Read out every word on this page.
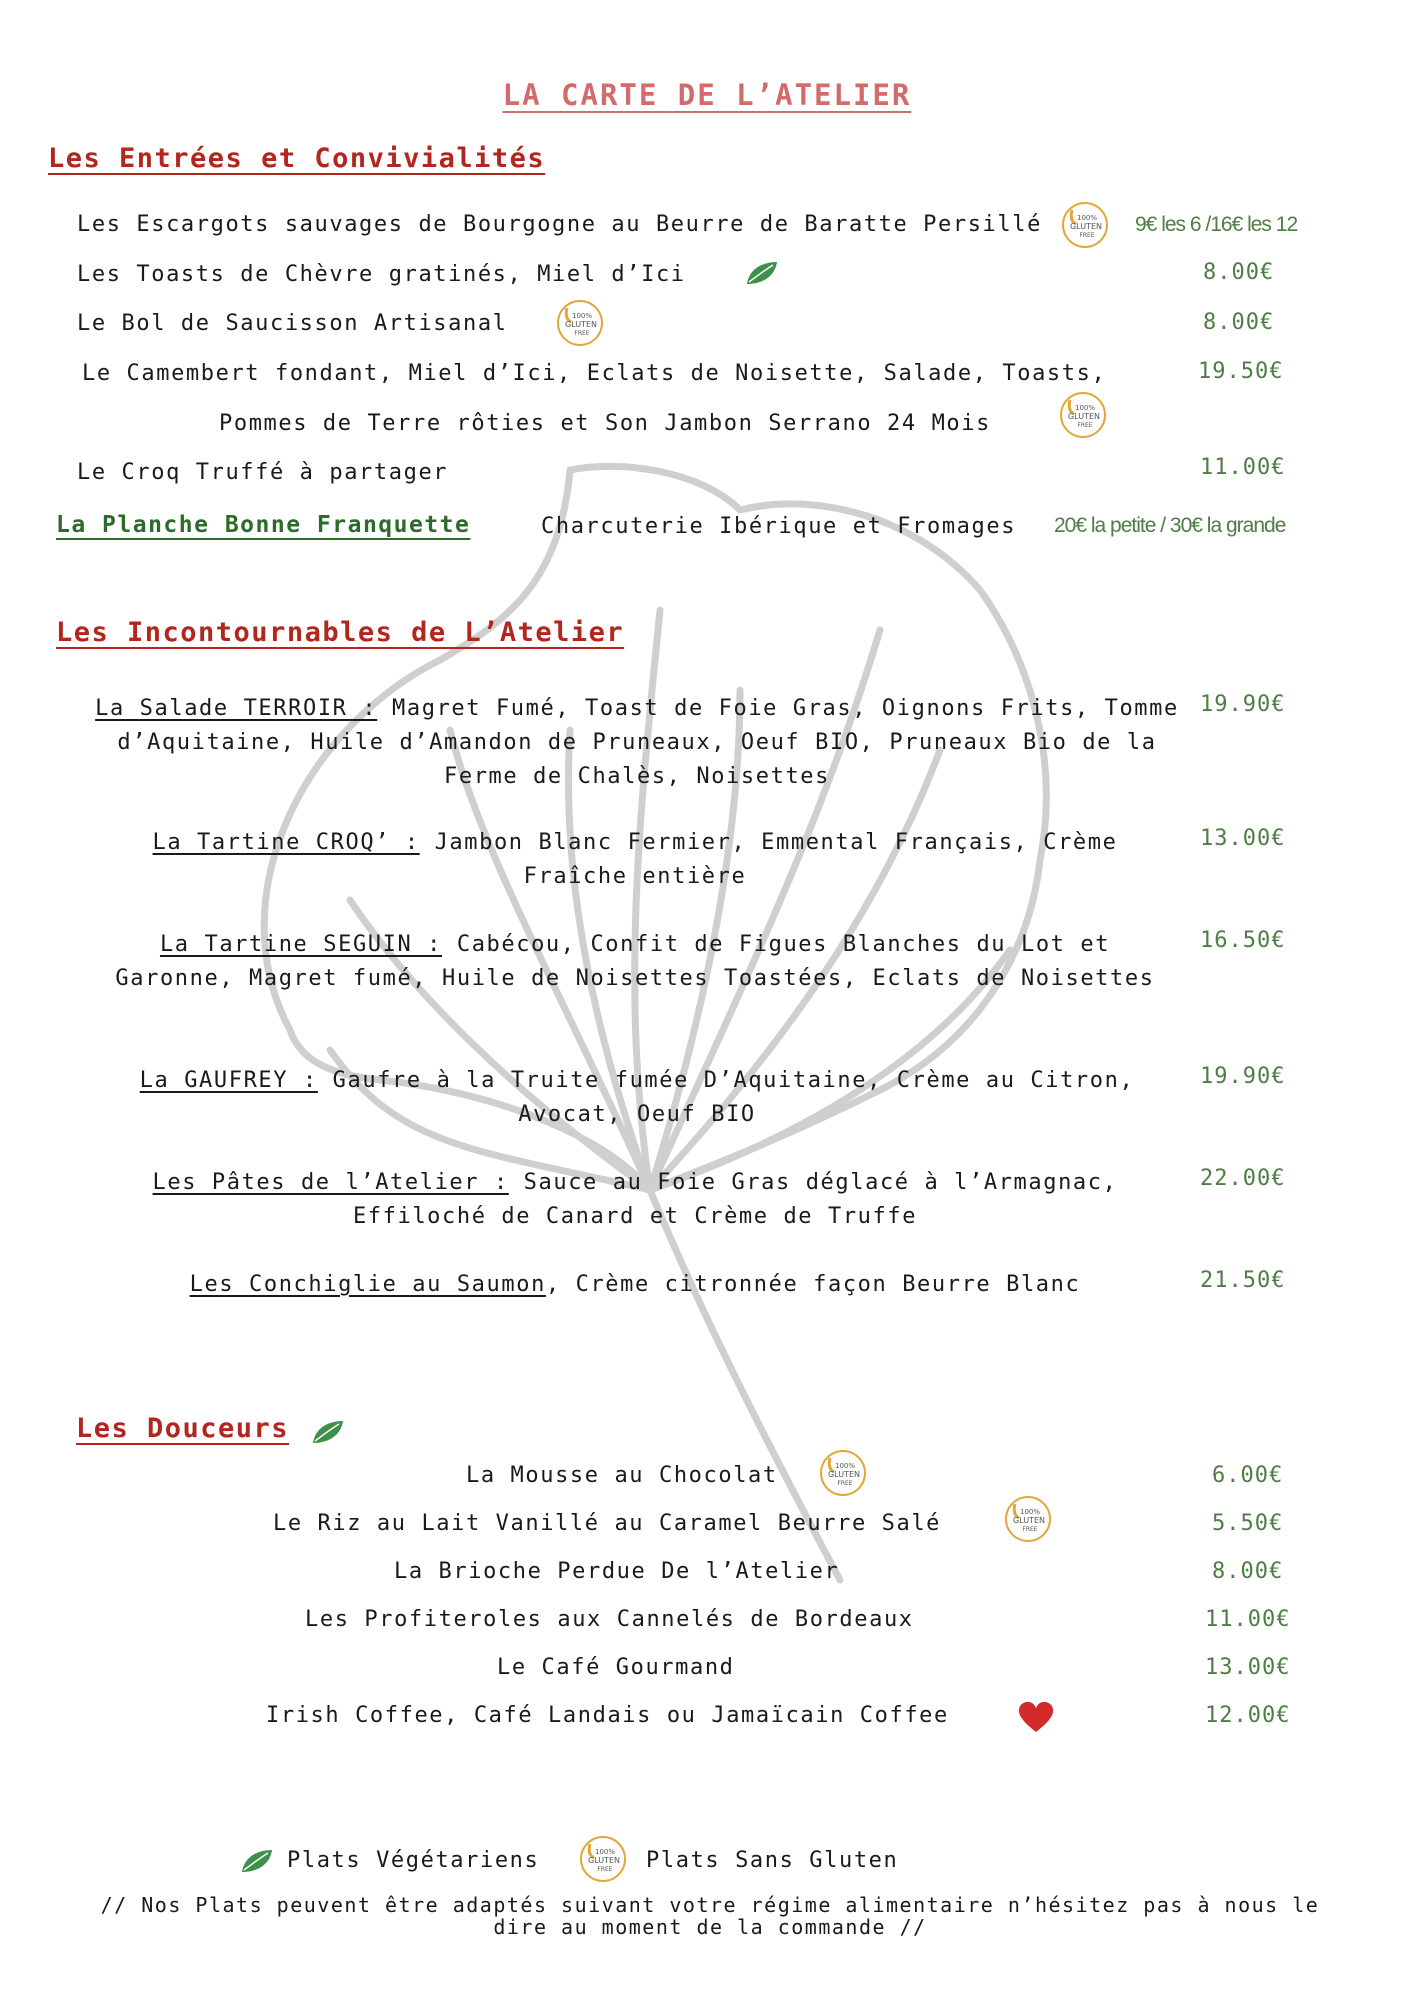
LA CARTE DE L’ATELIER
Les Entrées et Convivialités
Les Escargots sauvages de Bourgogne au Beurre de Baratte Persillé	100%
GLUTEN
FREE 9€ les 6 /16€ les 12
Les Toasts de Chèvre gratinés, Miel d’Ici	8.00€
Le Bol de Saucisson Artisanal	100%
GLUTEN
FREE	8.00€
Le Camembert fondant, Miel d’Ici, Eclats de Noisette, Salade, Toasts,	19.50€
Pommes de Terre rôties et Son Jambon Serrano 24 Mois
100%
GLUTEN
FREE
Le Croq Truffé à partager	11.00€
La Planche Bonne Franquette	Charcuterie Ibérique et Fromages 20€ la petite / 30€ la grande
Les Incontournables de L’Atelier
La Salade TERROIR : Magret Fumé, Toast de Foie Gras, Oignons Frits, Tomme d’Aquitaine, Huile d’Amandon de Pruneaux, Oeuf BIO, Pruneaux Bio de la Ferme de Chalès, Noisettes
19.90€
La Tartine CROQ’ : Jambon Blanc Fermier, Emmental Français, Crème Fraîche entière
13.00€
La Tartine SEGUIN : Cabécou, Confit de Figues Blanches du Lot et Garonne, Magret fumé, Huile de Noisettes Toastées, Eclats de Noisettes
16.50€
La GAUFREY : Gaufre à la Truite fumée D’Aquitaine, Crème au Citron, Avocat, Oeuf BIO
19.90€
Les Pâtes de l’Atelier : Sauce au Foie Gras déglacé à l’Armagnac, Effiloché de Canard et Crème de Truffe
22.00€
Les Conchiglie au Saumon, Crème citronnée façon Beurre Blanc	21.50€
Les Douceurs
La Mousse au Chocolat	100%
GLUTEN
FREE	6.00€
Le Riz au Lait Vanillé au Caramel Beurre Salé	100%
GLUTEN
FREE	5.50€
La Brioche Perdue De l’Atelier	8.00€
Les Profiteroles aux Cannelés de Bordeaux	11.00€
Le Café Gourmand	13.00€
Irish Coffee, Café Landais ou Jamaïcain Coffee	12.00€
Plats Végétariens	100%
GLUTEN
FREE Plats Sans Gluten
// Nos Plats peuvent être adaptés suivant votre régime alimentaire n’hésitez pas à nous le dire au moment de la commande //
